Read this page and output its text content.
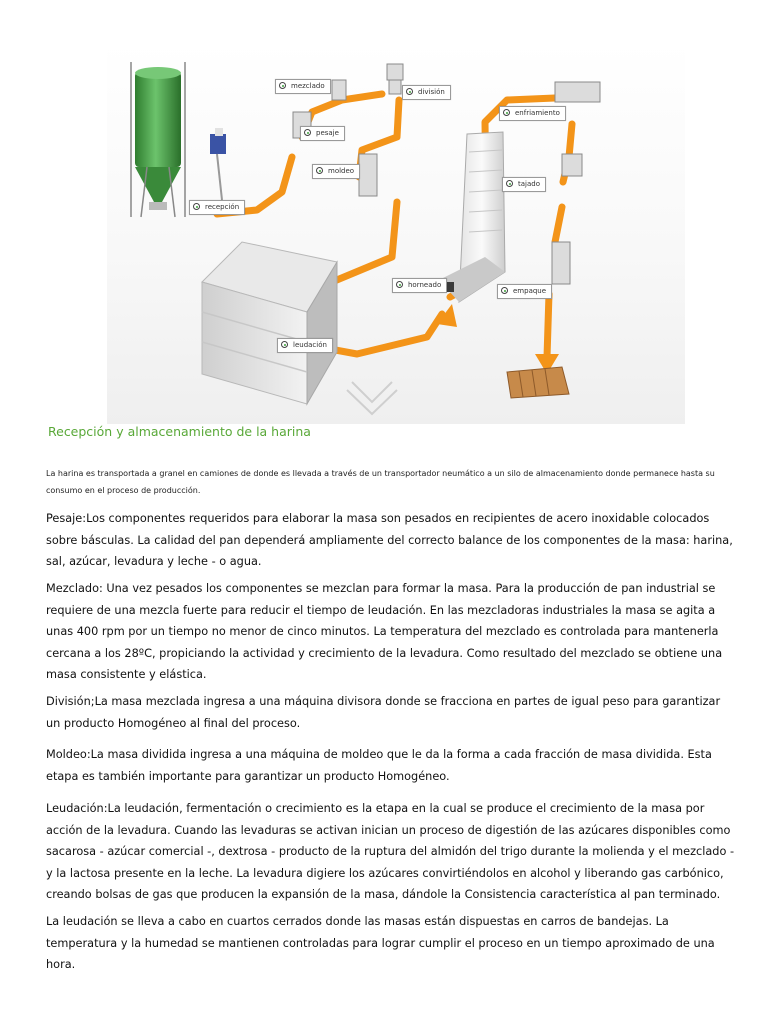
mezclado
división
pesaje
moldeo
recepción
enfriamiento
tajado
horneado
empaque
leudación
Recepción y almacenamiento de la harina

La harina es transportada a granel en camiones de donde es llevada a través de un transportador neumático a un silo de almacenamiento donde permanece hasta su consumo en el proceso de producción.

Pesaje:Los componentes requeridos para elaborar la masa son pesados en recipientes de acero inoxidable colocados sobre básculas. La calidad del pan dependerá ampliamente del correcto balance de los componentes de la masa: harina, sal, azúcar, levadura y leche - o agua.

Mezclado: Una vez pesados los componentes se mezclan para formar la masa. Para la producción de pan industrial se requiere de una mezcla fuerte para reducir el tiempo de leudación. En las mezcladoras industriales la masa se agita a unas 400 rpm por un tiempo no menor de cinco minutos. La temperatura del mezclado es controlada para mantenerla cercana a los 28ºC, propiciando la actividad y crecimiento de la levadura. Como resultado del mezclado se obtiene una masa consistente y elástica.

División;La masa mezclada ingresa a una máquina divisora donde se fracciona en partes de igual peso para garantizar un producto Homogéneo al final del proceso.

Moldeo:La masa dividida ingresa a una máquina de moldeo que le da la forma a cada fracción de masa dividida. Esta etapa es también importante para garantizar un producto Homogéneo.

Leudación:La leudación, fermentación o crecimiento es la etapa en la cual se produce el crecimiento de la masa por acción de la levadura. Cuando las levaduras se activan inician un proceso de digestión de las azúcares disponibles como sacarosa - azúcar comercial -, dextrosa - producto de la ruptura del almidón del trigo durante la molienda y el mezclado - y la lactosa presente en la leche. La levadura digiere los azúcares convirtiéndolos en alcohol y liberando gas carbónico, creando bolsas de gas que producen la expansión de la masa, dándole la Consistencia característica al pan terminado.

La leudación se lleva a cabo en cuartos cerrados donde las masas están dispuestas en carros de bandejas. La temperatura y la humedad se mantienen controladas para lograr cumplir el proceso en un tiempo aproximado de una hora.
